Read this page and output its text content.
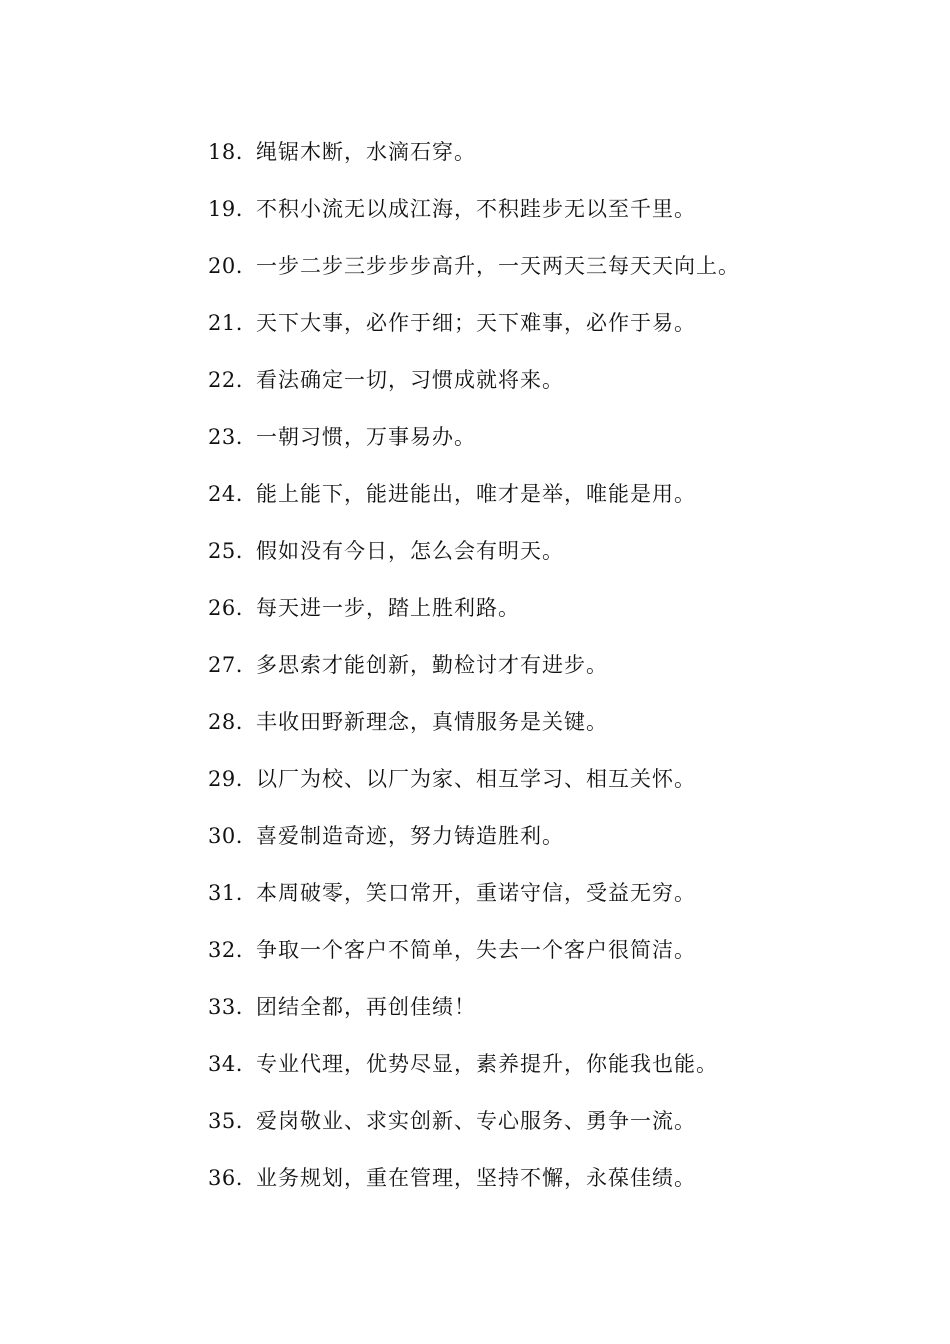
18. 绳锯木断，水滴石穿。
19. 不积小流无以成江海，不积跬步无以至千里。
20. 一步二步三步步步高升，一天两天三每天天向上。
21. 天下大事，必作于细；天下难事，必作于易。
22. 看法确定一切，习惯成就将来。
23. 一朝习惯，万事易办。
24. 能上能下，能进能出，唯才是举，唯能是用。
25. 假如没有今日，怎么会有明天。
26. 每天进一步，踏上胜利路。
27. 多思索才能创新，勤检讨才有进步。
28. 丰收田野新理念，真情服务是关键。
29. 以厂为校、以厂为家、相互学习、相互关怀。
30. 喜爱制造奇迹，努力铸造胜利。
31. 本周破零，笑口常开，重诺守信，受益无穷。
32. 争取一个客户不简单，失去一个客户很简洁。
33. 团结全都，再创佳绩！
34. 专业代理，优势尽显，素养提升，你能我也能。
35. 爱岗敬业、求实创新、专心服务、勇争一流。
36. 业务规划，重在管理，坚持不懈，永葆佳绩。
